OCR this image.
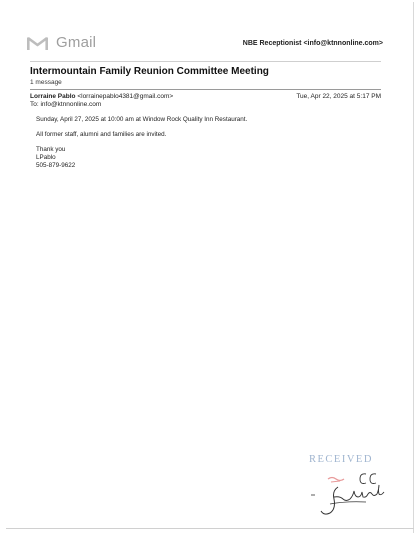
Gmail	NBE Receptionist <info@ktnnonline.com>
Intermountain Family Reunion Committee Meeting
1 message
Lorraine Pablo <lorrainepablo4381@gmail.com>
To: info@ktnnonline.com
Tue, Apr 22, 2025 at 5:17 PM

Sunday, April 27, 2025 at 10:00 am at Window Rock Quality Inn Restaurant.

All former staff, alumni and families are invited.

Thank you
LPablo
505-879-9622
RECEIVED
